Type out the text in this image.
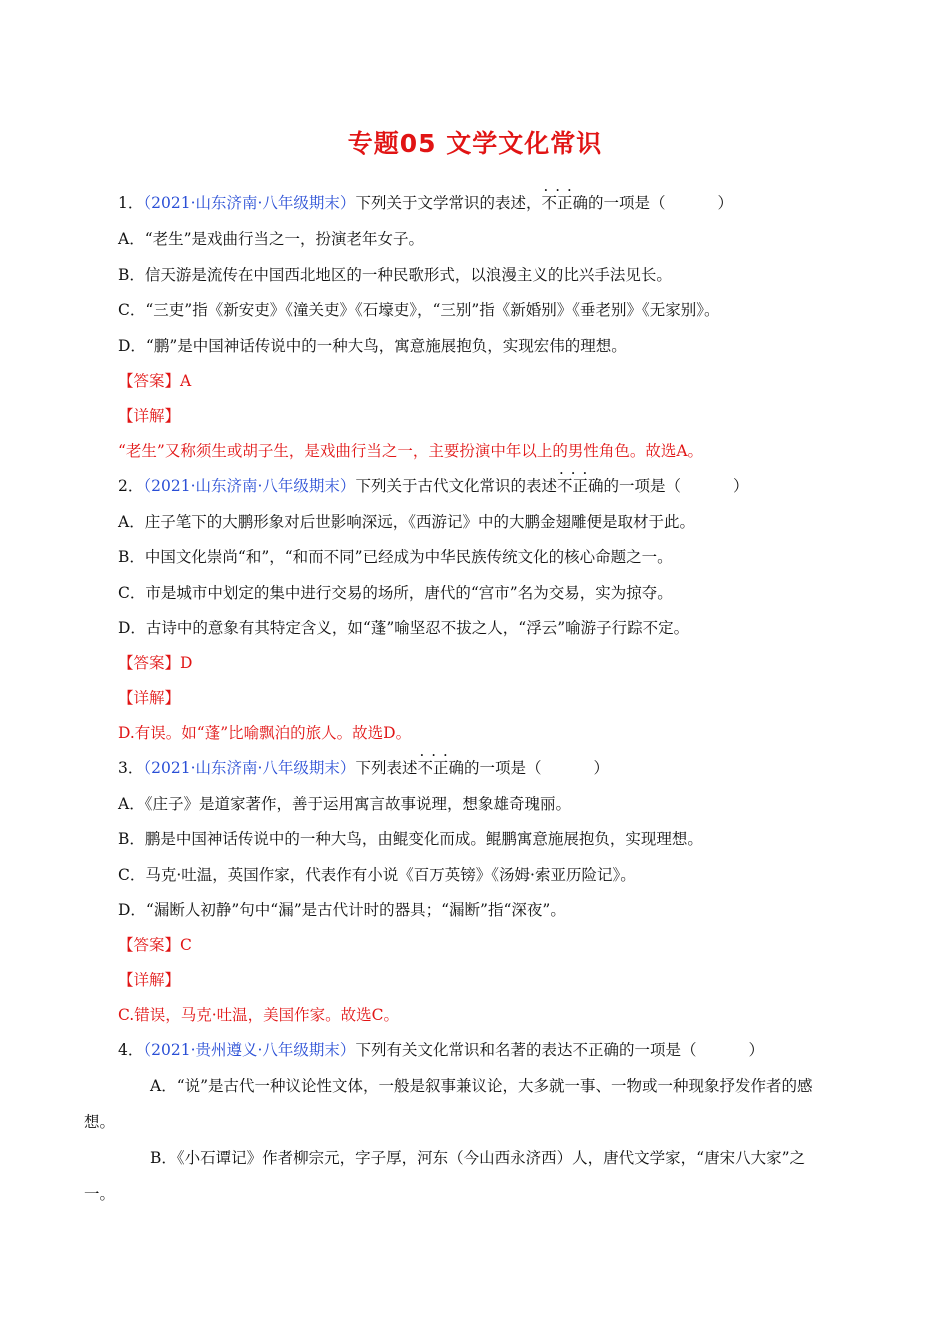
专题05 文学文化常识
1．（2021·山东济南·八年级期末）下列关于文学常识的表述，··· 不正确的一项是（	）
A．“老生”是戏曲行当之一，扮演老年女子。
B．信天游是流传在中国西北地区的一种民歌形式，以浪漫主义的比兴手法见长。
C．“三吏”指《新安吏》《潼关吏》《石壕吏》，“三别”指《新婚别》《垂老别》《无家别》。
D．“鹏”是中国神话传说中的一种大鸟，寓意施展抱负，实现宏伟的理想。
【答案】A
【详解】
“老生”又称须生或胡子生，是戏曲行当之一，主要扮演中年以上的男性角色。故选A。
2．（2021·山东济南·八年级期末）下列关于古代文化常识的表述··· 不正确的一项是（	）
A．庄子笔下的大鹏形象对后世影响深远，《西游记》中的大鹏金翅雕便是取材于此。
B．中国文化崇尚“和”，“和而不同”已经成为中华民族传统文化的核心命题之一。
C．市是城市中划定的集中进行交易的场所，唐代的“宫市”名为交易，实为掠夺。
D．古诗中的意象有其特定含义，如“蓬”喻坚忍不拔之人，“浮云”喻游子行踪不定。
【答案】D
【详解】
D.有误。如“蓬”比喻飘泊的旅人。故选D。
3．（2021·山东济南·八年级期末）下列表述··· 不正确的一项是（	）
A．《庄子》是道家著作，善于运用寓言故事说理，想象雄奇瑰丽。
B．鹏是中国神话传说中的一种大鸟，由鲲变化而成。鲲鹏寓意施展抱负，实现理想。
C．马克·吐温，英国作家，代表作有小说《百万英镑》《汤姆·索亚历险记》。
D．“漏断人初静”句中“漏”是古代计时的器具；“漏断”指“深夜”。
【答案】C
【详解】
C.错误，马克·吐温，美国作家。故选C。
4．（2021·贵州遵义·八年级期末）下列有关文化常识和名著的表达不正确的一项是（	）
A．“说”是古代一种议论性文体，一般是叙事兼议论，大多就一事、一物或一种现象抒发作者的感
想。
B．《小石谭记》作者柳宗元，字子厚，河东（今山西永济西）人，唐代文学家，“唐宋八大家”之
一。
